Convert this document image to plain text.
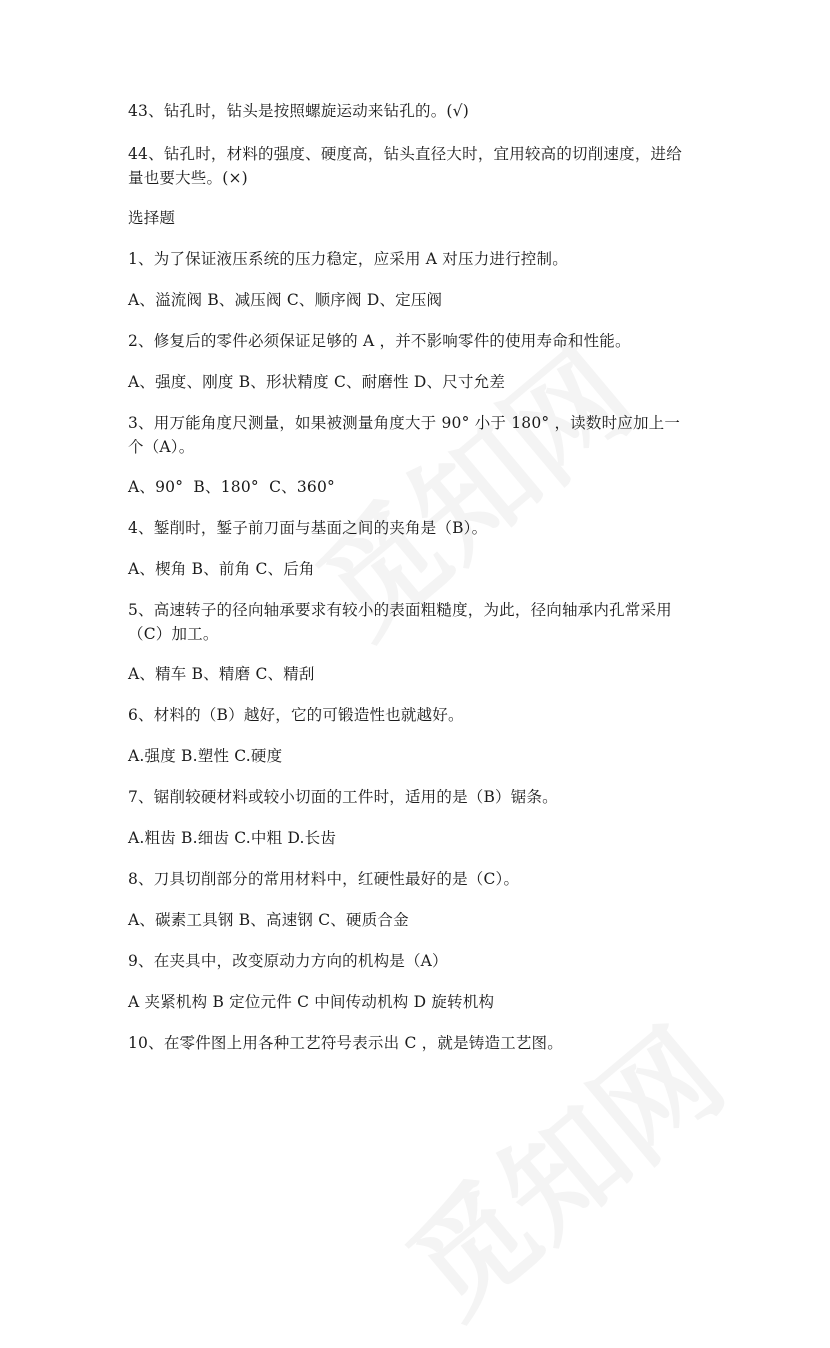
43、钻孔时，钻头是按照螺旋运动来钻孔的。(√)
44、钻孔时，材料的强度、硬度高，钻头直径大时，宜用较高的切削速度，进给
量也要大些。(×)
选择题
1、为了保证液压系统的压力稳定，应采用 A 对压力进行控制。
A、溢流阀 B、减压阀 C、顺序阀 D、定压阀
2、修复后的零件必须保证足够的 A ，并不影响零件的使用寿命和性能。
A、强度、刚度 B、形状精度 C、耐磨性 D、尺寸允差
3、用万能角度尺测量，如果被测量角度大于 90° 小于 180° ，读数时应加上一
个（A）。
A、90°  B、180°  C、360°
4、錾削时，錾子前刀面与基面之间的夹角是（B）。
A、楔角 B、前角 C、后角
5、高速转子的径向轴承要求有较小的表面粗糙度，为此，径向轴承内孔常采用
（C）加工。
A、精车 B、精磨 C、精刮
6、材料的（B）越好，它的可锻造性也就越好。
A.强度 B.塑性 C.硬度
7、锯削较硬材料或较小切面的工件时，适用的是（B）锯条。
A.粗齿 B.细齿 C.中粗 D.长齿
8、刀具切削部分的常用材料中，红硬性最好的是（C）。
A、碳素工具钢 B、高速钢 C、硬质合金
9、在夹具中，改变原动力方向的机构是（A）
A 夹紧机构 B 定位元件 C 中间传动机构 D 旋转机构
10、在零件图上用各种工艺符号表示出 C ，就是铸造工艺图。
